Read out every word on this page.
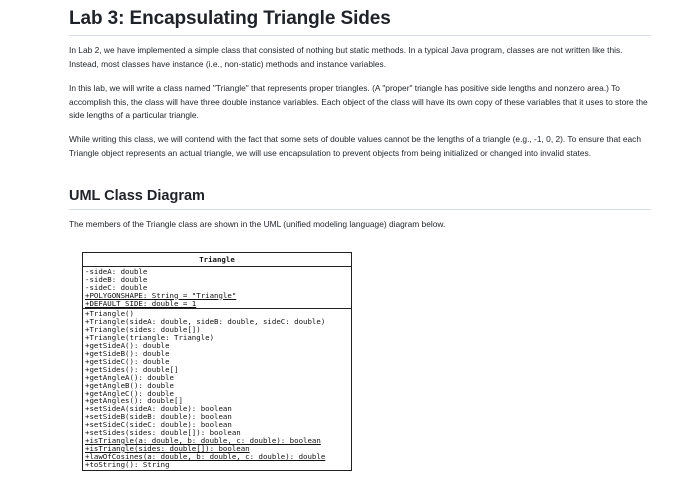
Lab 3: Encapsulating Triangle Sides

In Lab 2, we have implemented a simple class that consisted of nothing but static methods. In a typical Java program, classes are not written like this. Instead, most classes have instance (i.e., non-static) methods and instance variables.

In this lab, we will write a class named "Triangle" that represents proper triangles. (A "proper" triangle has positive side lengths and nonzero area.) To accomplish this, the class will have three double instance variables. Each object of the class will have its own copy of these variables that it uses to store the side lengths of a particular triangle.

While writing this class, we will contend with the fact that some sets of double values cannot be the lengths of a triangle (e.g., -1, 0, 2). To ensure that each Triangle object represents an actual triangle, we will use encapsulation to prevent objects from being initialized or changed into invalid states.

UML Class Diagram

The members of the Triangle class are shown in the UML (unified modeling language) diagram below.

Triangle
-sideA: double
-sideB: double
-sideC: double
+POLYGONSHAPE: String = "Triangle"
+DEFAULT_SIDE: double = 1
+Triangle()
+Triangle(sideA: double, sideB: double, sideC: double)
+Triangle(sides: double[])
+Triangle(triangle: Triangle)
+getSideA(): double
+getSideB(): double
+getSideC(): double
+getSides(): double[]
+getAngleA(): double
+getAngleB(): double
+getAngleC(): double
+getAngles(): double[]
+setSideA(sideA: double): boolean
+setSideB(sideB: double): boolean
+setSideC(sideC: double): boolean
+setSides(sides: double[]): boolean
+isTriangle(a: double, b: double, c: double): boolean
+isTriangle(sides: double[]): boolean
+lawOfCosines(a: double, b: double, c: double): double
+toString(): String
